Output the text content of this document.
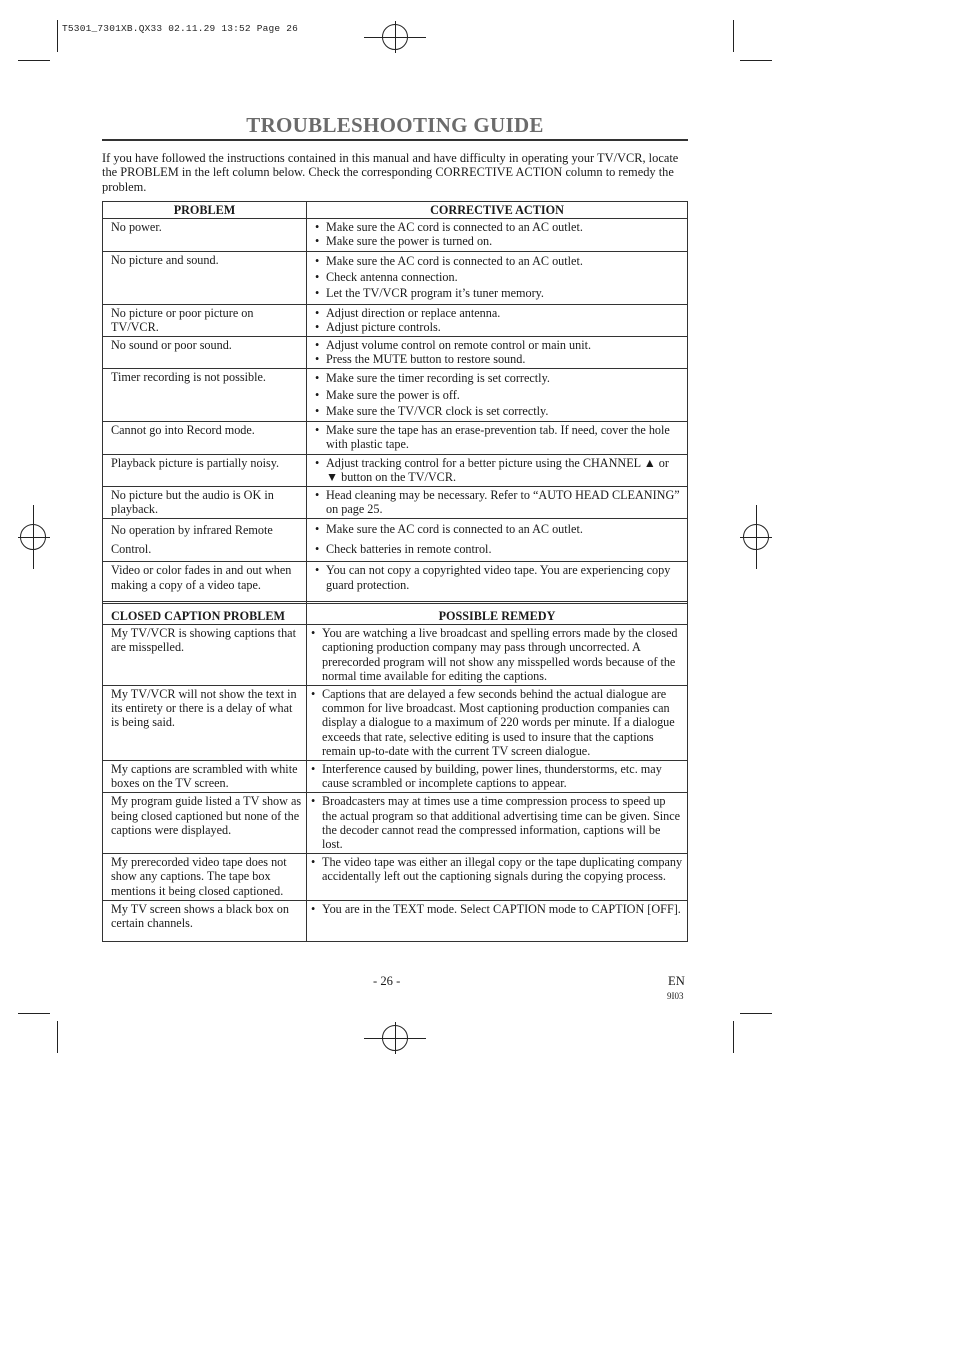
T5301_7301XB.QX33 02.11.29 13:52 Page 26
TROUBLESHOOTING GUIDE
If you have followed the instructions contained in this manual and have difficulty in operating your TV/VCR, locate the PROBLEM in the left column below. Check the corresponding CORRECTIVE ACTION column to remedy the problem.
PROBLEM	CORRECTIVE ACTION
No power.	• Make sure the AC cord is connected to an AC outlet.
• Make sure the power is turned on.

No picture and sound.	• Make sure the AC cord is connected to an AC outlet.
• Check antenna connection.
• Let the TV/VCR program it’s tuner memory.

No picture or poor picture on TV/VCR.	• Adjust direction or replace antenna.
• Adjust picture controls.

No sound or poor sound.	• Adjust volume control on remote control or main unit.
• Press the MUTE button to restore sound.

Timer recording is not possible.	• Make sure the timer recording is set correctly.
• Make sure the power is off.
• Make sure the TV/VCR clock is set correctly.

Cannot go into Record mode.	• Make sure the tape has an erase-prevention tab. If need, cover the hole with plastic tape.

Playback picture is partially noisy.	• Adjust tracking control for a better picture using the CHANNEL ▲ or ▼ button on the TV/VCR.

No picture but the audio is OK in playback.	• Head cleaning may be necessary. Refer to “AUTO HEAD CLEANING” on page 25.

No operation by infrared Remote Control.	• Make sure the AC cord is connected to an AC outlet.
• Check batteries in remote control.

Video or color fades in and out when making a copy of a video tape.	• You can not copy a copyrighted video tape. You are experiencing copy guard protection.
CLOSED CAPTION PROBLEM	POSSIBLE REMEDY
My TV/VCR is showing captions that are misspelled.	• You are watching a live broadcast and spelling errors made by the closed captioning production company may pass through uncorrected. A prerecorded program will not show any misspelled words because of the normal time available for editing the captions.

My TV/VCR will not show the text in its entirety or there is a delay of what is being said.	• Captions that are delayed a few seconds behind the actual dialogue are common for live broadcast. Most captioning production companies can display a dialogue to a maximum of 220 words per minute. If a dialogue exceeds that rate, selective editing is used to insure that the captions remain up-to-date with the current TV screen dialogue.

My captions are scrambled with white boxes on the TV screen.	• Interference caused by building, power lines, thunderstorms, etc. may cause scrambled or incomplete captions to appear.

My program guide listed a TV show as being closed captioned but none of the captions were displayed.	• Broadcasters may at times use a time compression process to speed up the actual program so that additional advertising time can be given. Since the decoder cannot read the compressed information, captions will be lost.

My prerecorded video tape does not show any captions. The tape box mentions it being closed captioned.	• The video tape was either an illegal copy or the tape duplicating company accidentally left out the captioning signals during the copying process.

My TV screen shows a black box on certain channels.	• You are in the TEXT mode. Select CAPTION mode to CAPTION [OFF].
- 26 -	EN
9I03
